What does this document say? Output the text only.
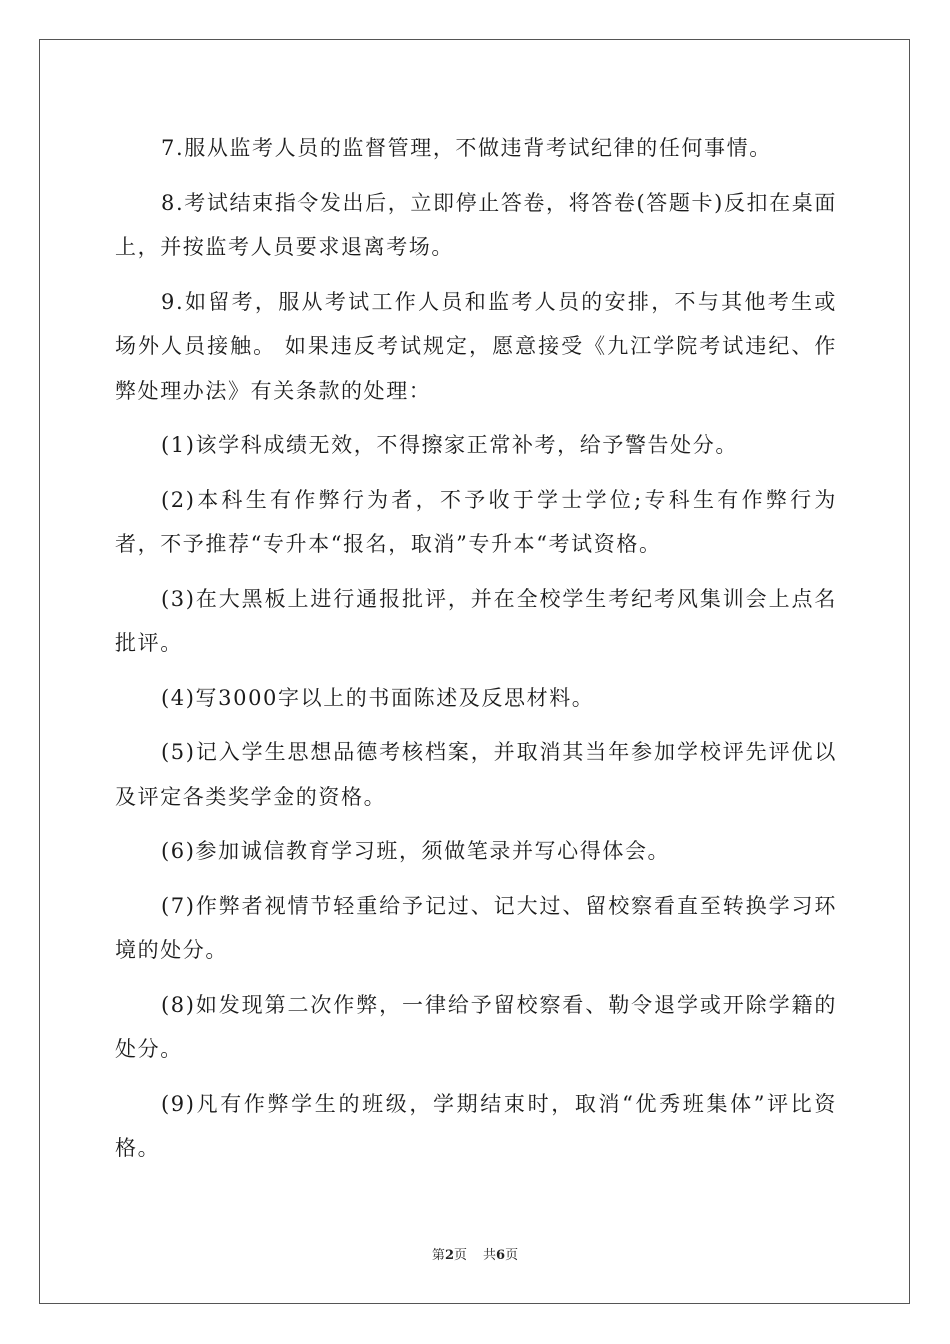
7.服从监考人员的监督管理，不做违背考试纪律的任何事情。

8.考试结束指令发出后，立即停止答卷，将答卷(答题卡)反扣在桌面上，并按监考人员要求退离考场。

9.如留考，服从考试工作人员和监考人员的安排，不与其他考生或场外人员接触。 如果违反考试规定，愿意接受《九江学院考试违纪、作弊处理办法》有关条款的处理：

(1)该学科成绩无效，不得擦家正常补考，给予警告处分。

(2)本科生有作弊行为者，不予收于学士学位;专科生有作弊行为者，不予推荐“专升本“报名，取消”专升本“考试资格。

(3)在大黑板上进行通报批评，并在全校学生考纪考风集训会上点名批评。

(4)写3000字以上的书面陈述及反思材料。

(5)记入学生思想品德考核档案，并取消其当年参加学校评先评优以及评定各类奖学金的资格。

(6)参加诚信教育学习班，须做笔录并写心得体会。

(7)作弊者视情节轻重给予记过、记大过、留校察看直至转换学习环境的处分。

(8)如发现第二次作弊，一律给予留校察看、勒令退学或开除学籍的处分。

(9)凡有作弊学生的班级，学期结束时，取消“优秀班集体”评比资格。

第2页 共6页
